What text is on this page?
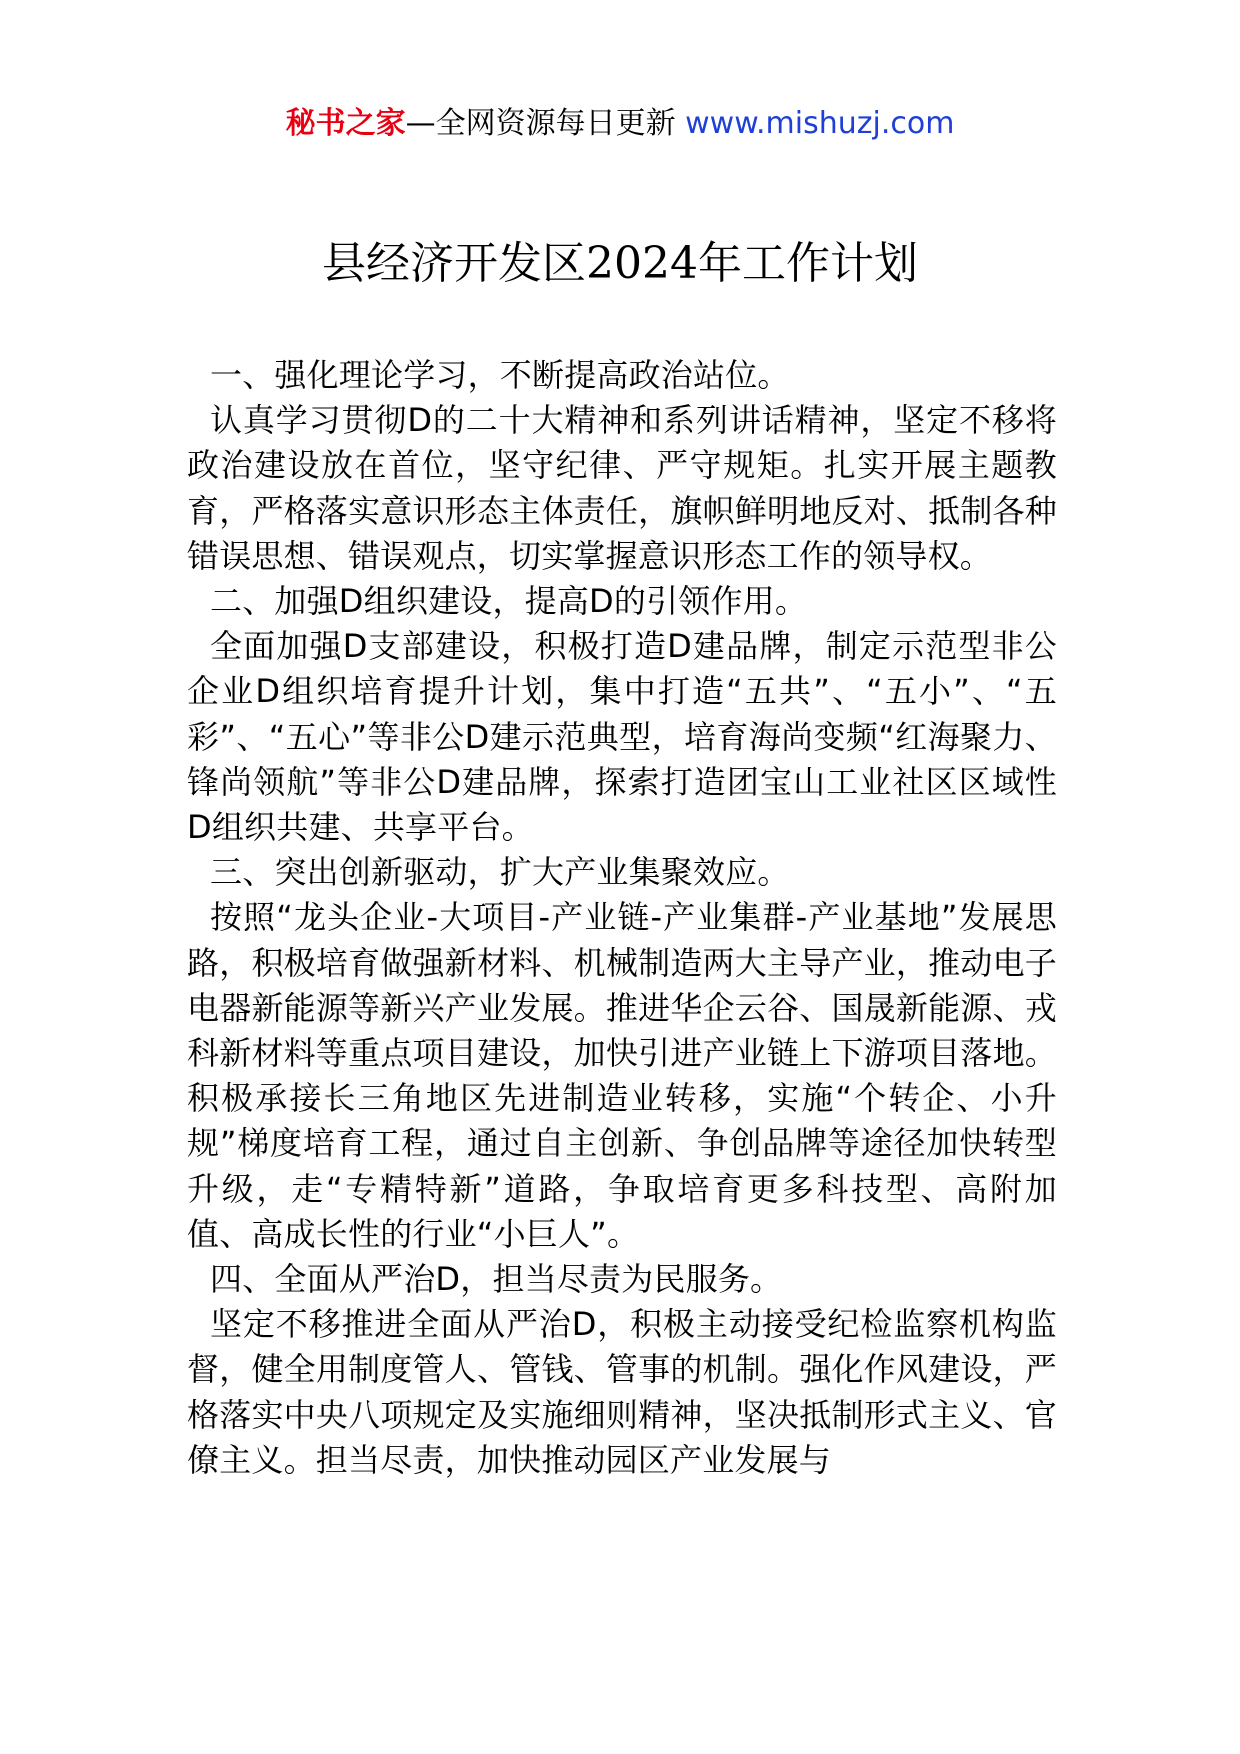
秘书之家—全网资源每日更新 www.mishuzj.com
县经济开发区2024年工作计划

一、强化理论学习，不断提高政治站位。

认真学习贯彻D的二十大精神和系列讲话精神，坚定不移将政治建设放在首位，坚守纪律、严守规矩。扎实开展主题教育，严格落实意识形态主体责任，旗帜鲜明地反对、抵制各种错误思想、错误观点，切实掌握意识形态工作的领导权。

二、加强D组织建设，提高D的引领作用。

全面加强D支部建设，积极打造D建品牌，制定示范型非公企业D组织培育提升计划，集中打造“五共”、“五小”、“五彩”、“五心”等非公D建示范典型，培育海尚变频“红海聚力、锋尚领航”等非公D建品牌，探索打造团宝山工业社区区域性D组织共建、共享平台。

三、突出创新驱动，扩大产业集聚效应。

按照“龙头企业-大项目-产业链-产业集群-产业基地”发展思路，积极培育做强新材料、机械制造两大主导产业，推动电子电器新能源等新兴产业发展。推进华企云谷、国晟新能源、戎科新材料等重点项目建设，加快引进产业链上下游项目落地。积极承接长三角地区先进制造业转移，实施“个转企、小升规”梯度培育工程，通过自主创新、争创品牌等途径加快转型升级，走“专精特新”道路，争取培育更多科技型、高附加值、高成长性的行业“小巨人”。

四、全面从严治D，担当尽责为民服务。

坚定不移推进全面从严治D，积极主动接受纪检监察机构监督，健全用制度管人、管钱、管事的机制。强化作风建设，严格落实中央八项规定及实施细则精神，坚决抵制形式主义、官僚主义。担当尽责，加快推动园区产业发展与
